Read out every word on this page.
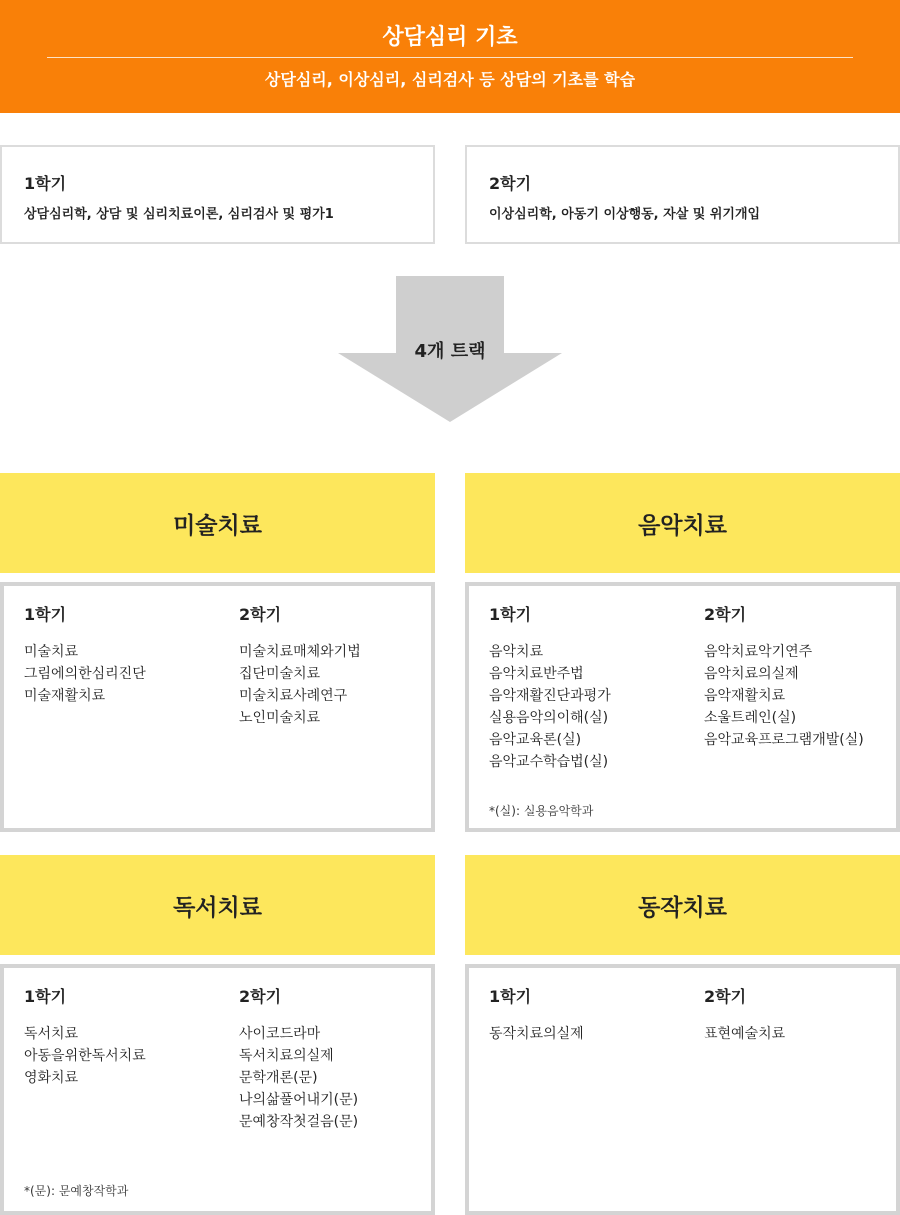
상담심리 기초
상담심리, 이상심리, 심리검사 등 상담의 기초를 학습
1학기
상담심리학, 상담 및 심리치료이론, 심리검사 및 평가1
2학기
이상심리학, 아동기 이상행동, 자살 및 위기개입
4개 트랙
미술치료
1학기
미술치료
그림에의한심리진단
미술재활치료
2학기
미술치료매체와기법
집단미술치료
미술치료사례연구
노인미술치료
음악치료
1학기
음악치료
음악치료반주법
음악재활진단과평가
실용음악의이해(실)
음악교육론(실)
음악교수학습법(실)
2학기
음악치료악기연주
음악치료의실제
음악재활치료
소울트레인(실)
음악교육프로그램개발(실)
*(실): 실용음악학과
독서치료
1학기
독서치료
아동을위한독서치료
영화치료
2학기
사이코드라마
독서치료의실제
문학개론(문)
나의삶풀어내기(문)
문예창작첫걸음(문)
*(문): 문예창작학과
동작치료
1학기
동작치료의실제
2학기
표현예술치료
